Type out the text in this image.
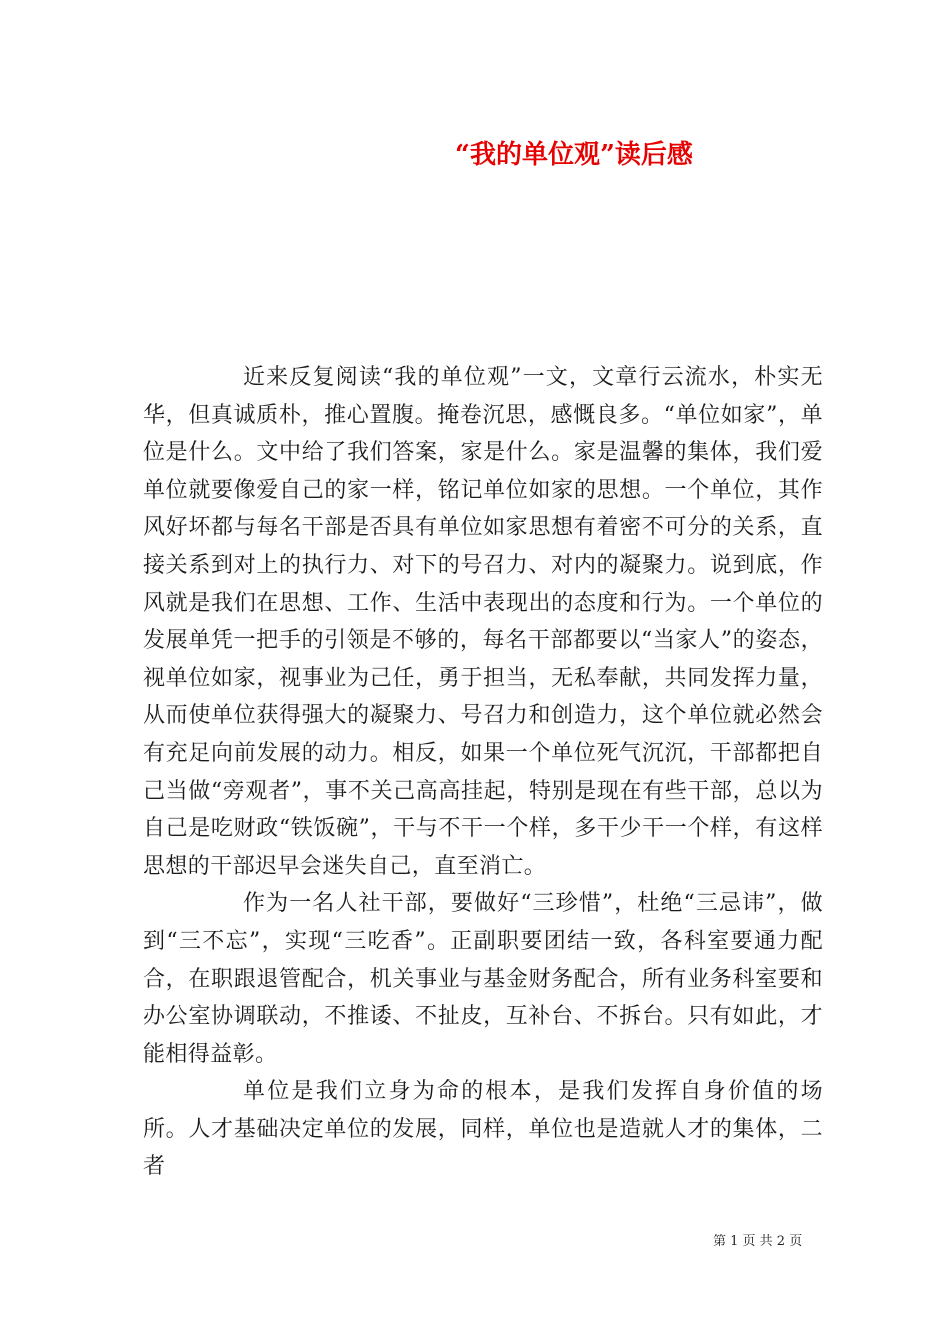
“我的单位观”读后感

近来反复阅读“我的单位观”一文，文章行云流水，朴实无华，但真诚质朴，推心置腹。掩卷沉思，感慨良多。“单位如家”，单位是什么。文中给了我们答案，家是什么。家是温馨的集体，我们爱单位就要像爱自己的家一样，铭记单位如家的思想。一个单位，其作风好坏都与每名干部是否具有单位如家思想有着密不可分的关系，直接关系到对上的执行力、对下的号召力、对内的凝聚力。说到底，作风就是我们在思想、工作、生活中表现出的态度和行为。一个单位的发展单凭一把手的引领是不够的，每名干部都要以“当家人”的姿态，视单位如家，视事业为己任，勇于担当，无私奉献，共同发挥力量，从而使单位获得强大的凝聚力、号召力和创造力，这个单位就必然会有充足向前发展的动力。相反，如果一个单位死气沉沉，干部都把自己当做“旁观者”，事不关己高高挂起，特别是现在有些干部，总以为自己是吃财政“铁饭碗”，干与不干一个样，多干少干一个样，有这样思想的干部迟早会迷失自己，直至消亡。

作为一名人社干部，要做好“三珍惜”，杜绝“三忌讳”，做到“三不忘”，实现“三吃香”。正副职要团结一致，各科室要通力配合，在职跟退管配合，机关事业与基金财务配合，所有业务科室要和办公室协调联动，不推诿、不扯皮，互补台、不拆台。只有如此，才能相得益彰。

单位是我们立身为命的根本，是我们发挥自身价值的场所。人才基础决定单位的发展，同样，单位也是造就人才的集体，二者

第 1 页 共 2 页
